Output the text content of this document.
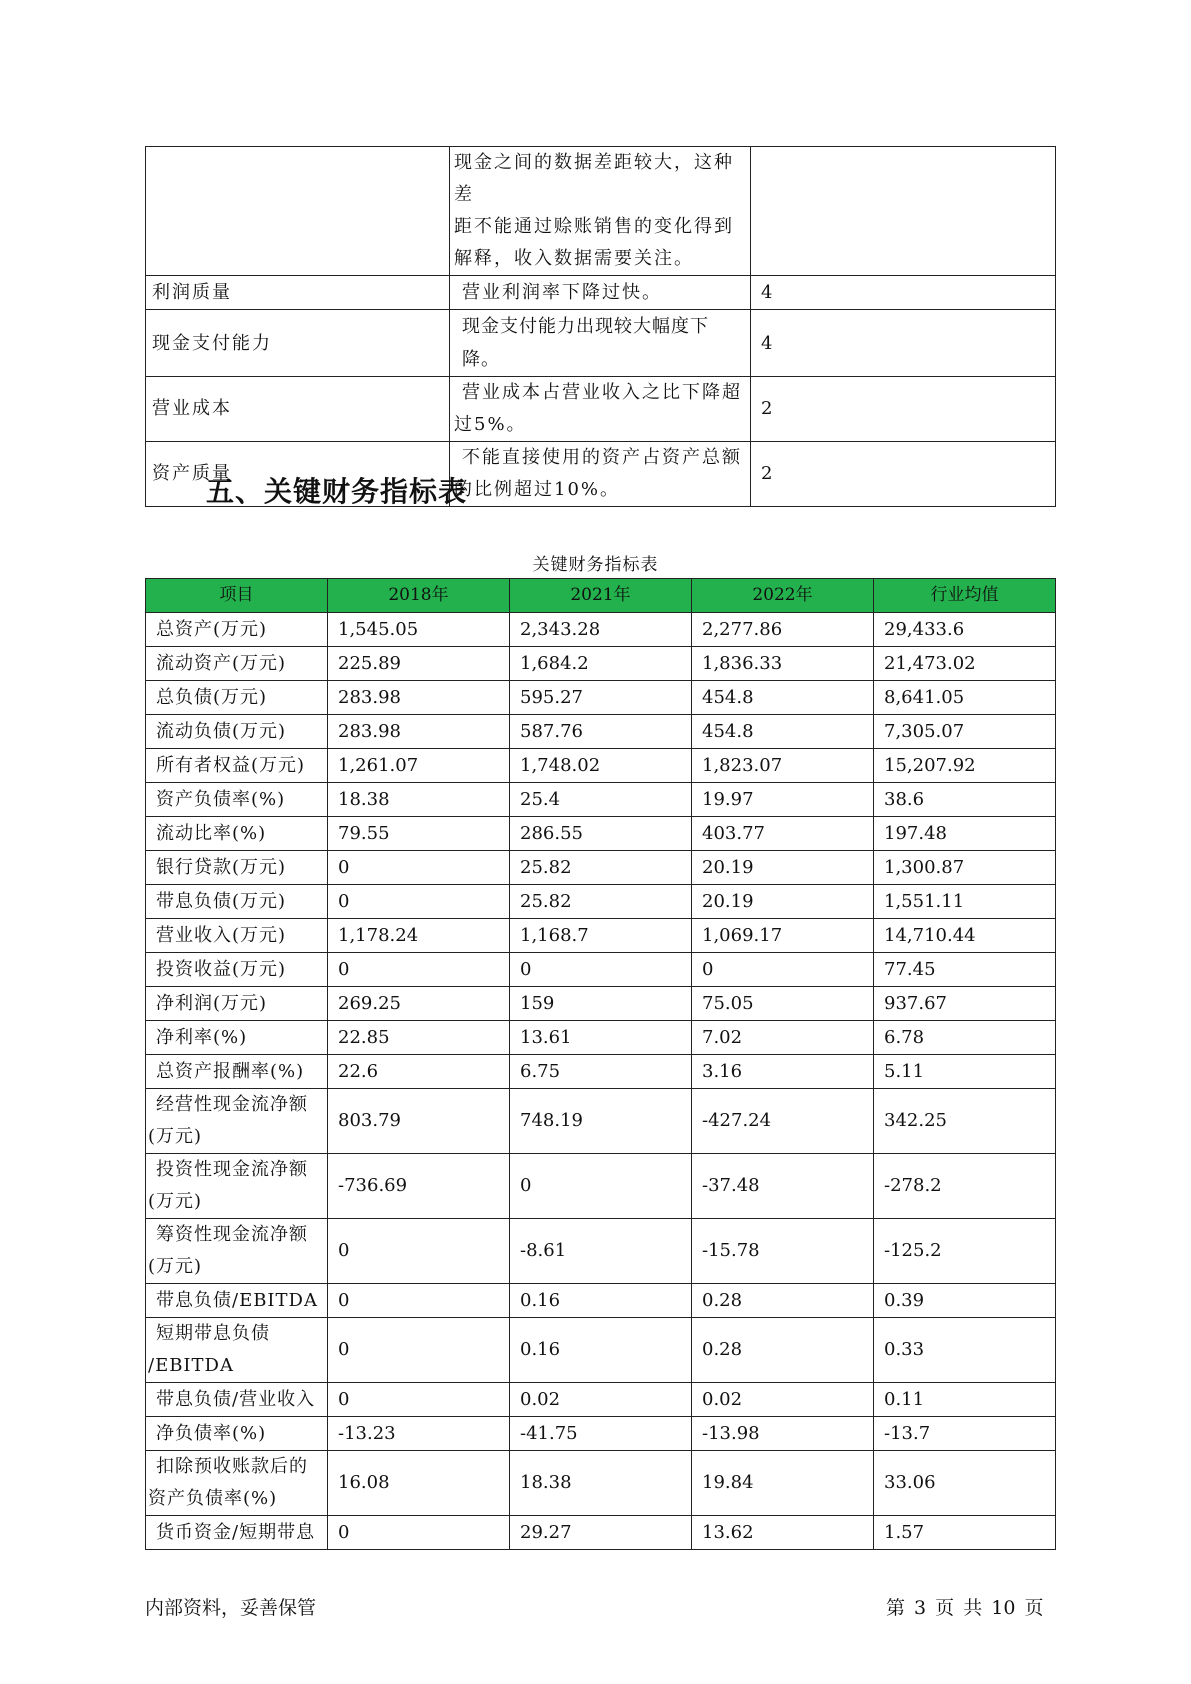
	现金之间的数据差距较大，这种差
距不能通过赊账销售的变化得到
解释，收入数据需要关注。	

利润质量	营业利润率下降过快。	4
现金支付能力	现金支付能力出现较大幅度下降。	4
营业成本	营业成本占营业收入之比下降超
过5%。	2
资产质量	不能直接使用的资产占资产总额
的比例超过10%。	2
五、关键财务指标表
关键财务指标表
项目	2018年	2021年	2022年	行业均值
总资产(万元)	1,545.05	2,343.28	2,277.86	29,433.6
流动资产(万元)	225.89	1,684.2	1,836.33	21,473.02
总负债(万元)	283.98	595.27	454.8	8,641.05
流动负债(万元)	283.98	587.76	454.8	7,305.07
所有者权益(万元)	1,261.07	1,748.02	1,823.07	15,207.92
资产负债率(%)	18.38	25.4	19.97	38.6
流动比率(%)	79.55	286.55	403.77	197.48
银行贷款(万元)	0	25.82	20.19	1,300.87
带息负债(万元)	0	25.82	20.19	1,551.11
营业收入(万元)	1,178.24	1,168.7	1,069.17	14,710.44
投资收益(万元)	0	0	0	77.45
净利润(万元)	269.25	159	75.05	937.67
净利率(%)	22.85	13.61	7.02	6.78
总资产报酬率(%)	22.6	6.75	3.16	5.11

经营性现金流净额
(万元)	803.79	748.19	-427.24	342.25

投资性现金流净额
(万元)	-736.69	0	-37.48	-278.2

筹资性现金流净额
(万元)	0	-8.61	-15.78	-125.2
带息负债/EBITDA	0	0.16	0.28	0.39

短期带息负债
/EBITDA	0	0.16	0.28	0.33
带息负债/营业收入	0	0.02	0.02	0.11
净负债率(%)	-13.23	-41.75	-13.98	-13.7

扣除预收账款后的
资产负债率(%)	16.08	18.38	19.84	33.06
货币资金/短期带息	0	29.27	13.62	1.57
内部资料，妥善保管	第 3 页 共 10 页
